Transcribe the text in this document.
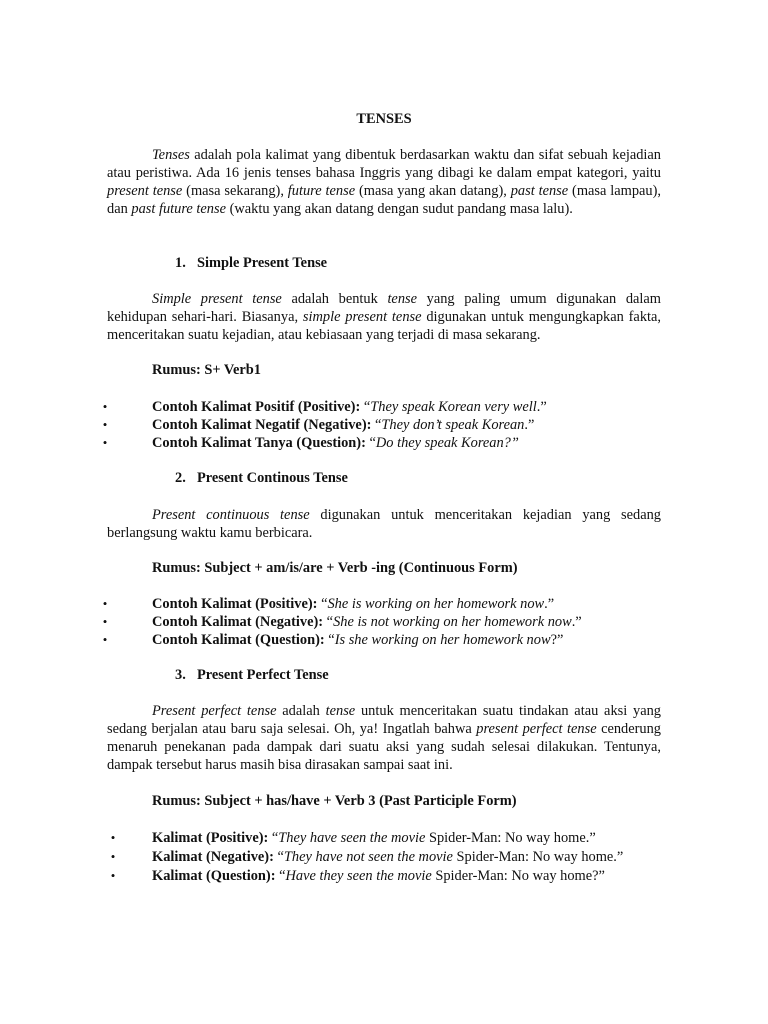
TENSES
Tenses adalah pola kalimat yang dibentuk berdasarkan waktu dan sifat sebuah kejadian atau peristiwa. Ada 16 jenis tenses bahasa Inggris yang dibagi ke dalam empat kategori, yaitu present tense (masa sekarang), future tense (masa yang akan datang), past tense (masa lampau), dan past future tense (waktu yang akan datang dengan sudut pandang masa lalu).
1. Simple Present Tense
Simple present tense adalah bentuk tense yang paling umum digunakan dalam kehidupan sehari-hari. Biasanya, simple present tense digunakan untuk mengungkapkan fakta, menceritakan suatu kejadian, atau kebiasaan yang terjadi di masa sekarang.
Rumus: S+ Verb1
•	Contoh Kalimat Positif (Positive): “They speak Korean very well.”
•	Contoh Kalimat Negatif (Negative): “They don’t speak Korean.”
•	Contoh Kalimat Tanya (Question): “Do they speak Korean?”
2. Present Continous Tense
Present continuous tense digunakan untuk menceritakan kejadian yang sedang berlangsung waktu kamu berbicara.
Rumus: Subject + am/is/are + Verb -ing (Continuous Form)
•	Contoh Kalimat (Positive): “She is working on her homework now.”
•	Contoh Kalimat (Negative): “She is not working on her homework now.”
•	Contoh Kalimat (Question): “Is she working on her homework now?”
3. Present Perfect Tense
Present perfect tense adalah tense untuk menceritakan suatu tindakan atau aksi yang sedang berjalan atau baru saja selesai. Oh, ya! Ingatlah bahwa present perfect tense cenderung menaruh penekanan pada dampak dari suatu aksi yang sudah selesai dilakukan. Tentunya, dampak tersebut harus masih bisa dirasakan sampai saat ini.
Rumus: Subject + has/have + Verb 3 (Past Participle Form)
•	Kalimat (Positive): “They have seen the movie Spider-Man: No way home.”
•	Kalimat (Negative): “They have not seen the movie Spider-Man: No way home.”
•	Kalimat (Question): “Have they seen the movie Spider-Man: No way home?”
